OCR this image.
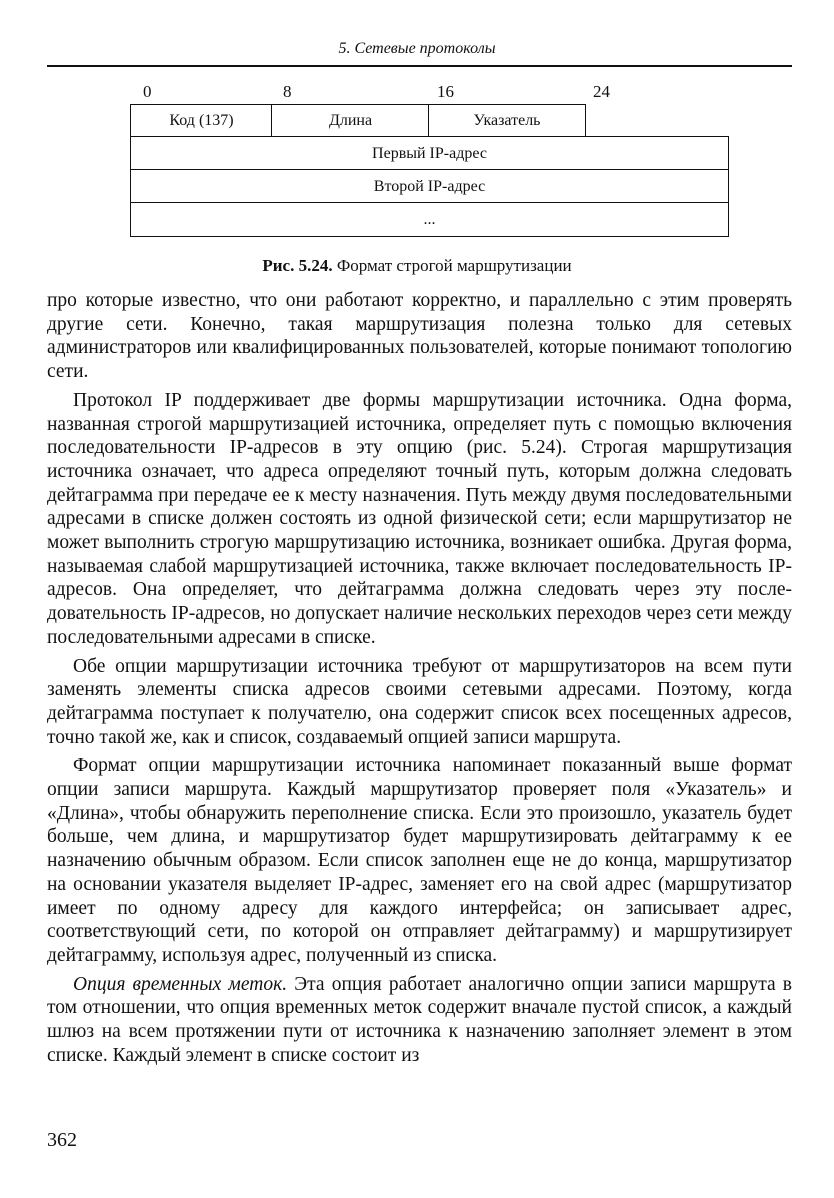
5. Сетевые протоколы
0	8	16	24
Код (137)	Длина	Указатель
Первый IP-адрес
Второй IP-адрес
...
Рис. 5.24. Формат строгой маршрутизации

про которые известно, что они работают корректно, и параллельно с этим проверять другие сети. Конечно, такая маршрутизация полезна только для сетевых администраторов или квалифицированных пользователей, которые понимают топологию сети.

Протокол IP поддерживает две формы маршрутизации источника. Одна форма, названная строгой маршрутизацией источника, определяет путь с помощью включения последовательности IP-адресов в эту опцию (рис. 5.24). Строгая маршрутизация источника означает, что адреса определяют точный путь, которым должна следовать дейтаграмма при передаче ее к месту назначения. Путь между двумя последовательными адресами в списке должен состоять из одной физической сети; если маршрутизатор не может выполнить строгую маршрутизацию источника, возникает ошибка. Другая форма, называемая слабой маршрутизацией источника, также включает последовательность IP-адресов. Она определяет, что дейтаграмма должна следовать через эту последовательность IP-адресов, но допускает наличие нескольких переходов через сети между последовательными адресами в списке.

Обе опции маршрутизации источника требуют от маршрутизаторов на всем пути заменять элементы списка адресов своими сетевыми адресами. Поэтому, когда дейтаграмма поступает к получателю, она содержит список всех посещенных адресов, точно такой же, как и список, создаваемый опцией записи маршрута.

Формат опции маршрутизации источника напоминает показанный выше формат опции записи маршрута. Каждый маршрутизатор проверяет поля «Указатель» и «Длина», чтобы обнаружить переполнение списка. Если это произошло, указатель будет больше, чем длина, и маршрутизатор будет маршрутизировать дейтаграмму к ее назначению обычным образом. Если список заполнен еще не до конца, маршрутизатор на основании указателя выделяет IP-адрес, заменяет его на свой адрес (маршрутизатор имеет по одному адресу для каждого интерфейса; он записывает адрес, соответствующий сети, по которой он отправляет дейтаграмму) и маршрутизирует дейтаграмму, используя адрес, полученный из списка.

Опция временных меток. Эта опция работает аналогично опции записи маршрута в том отношении, что опция временных меток содержит вначале пустой список, а каждый шлюз на всем протяжении пути от источника к назначению заполняет элемент в этом списке. Каждый элемент в списке состоит из

362
